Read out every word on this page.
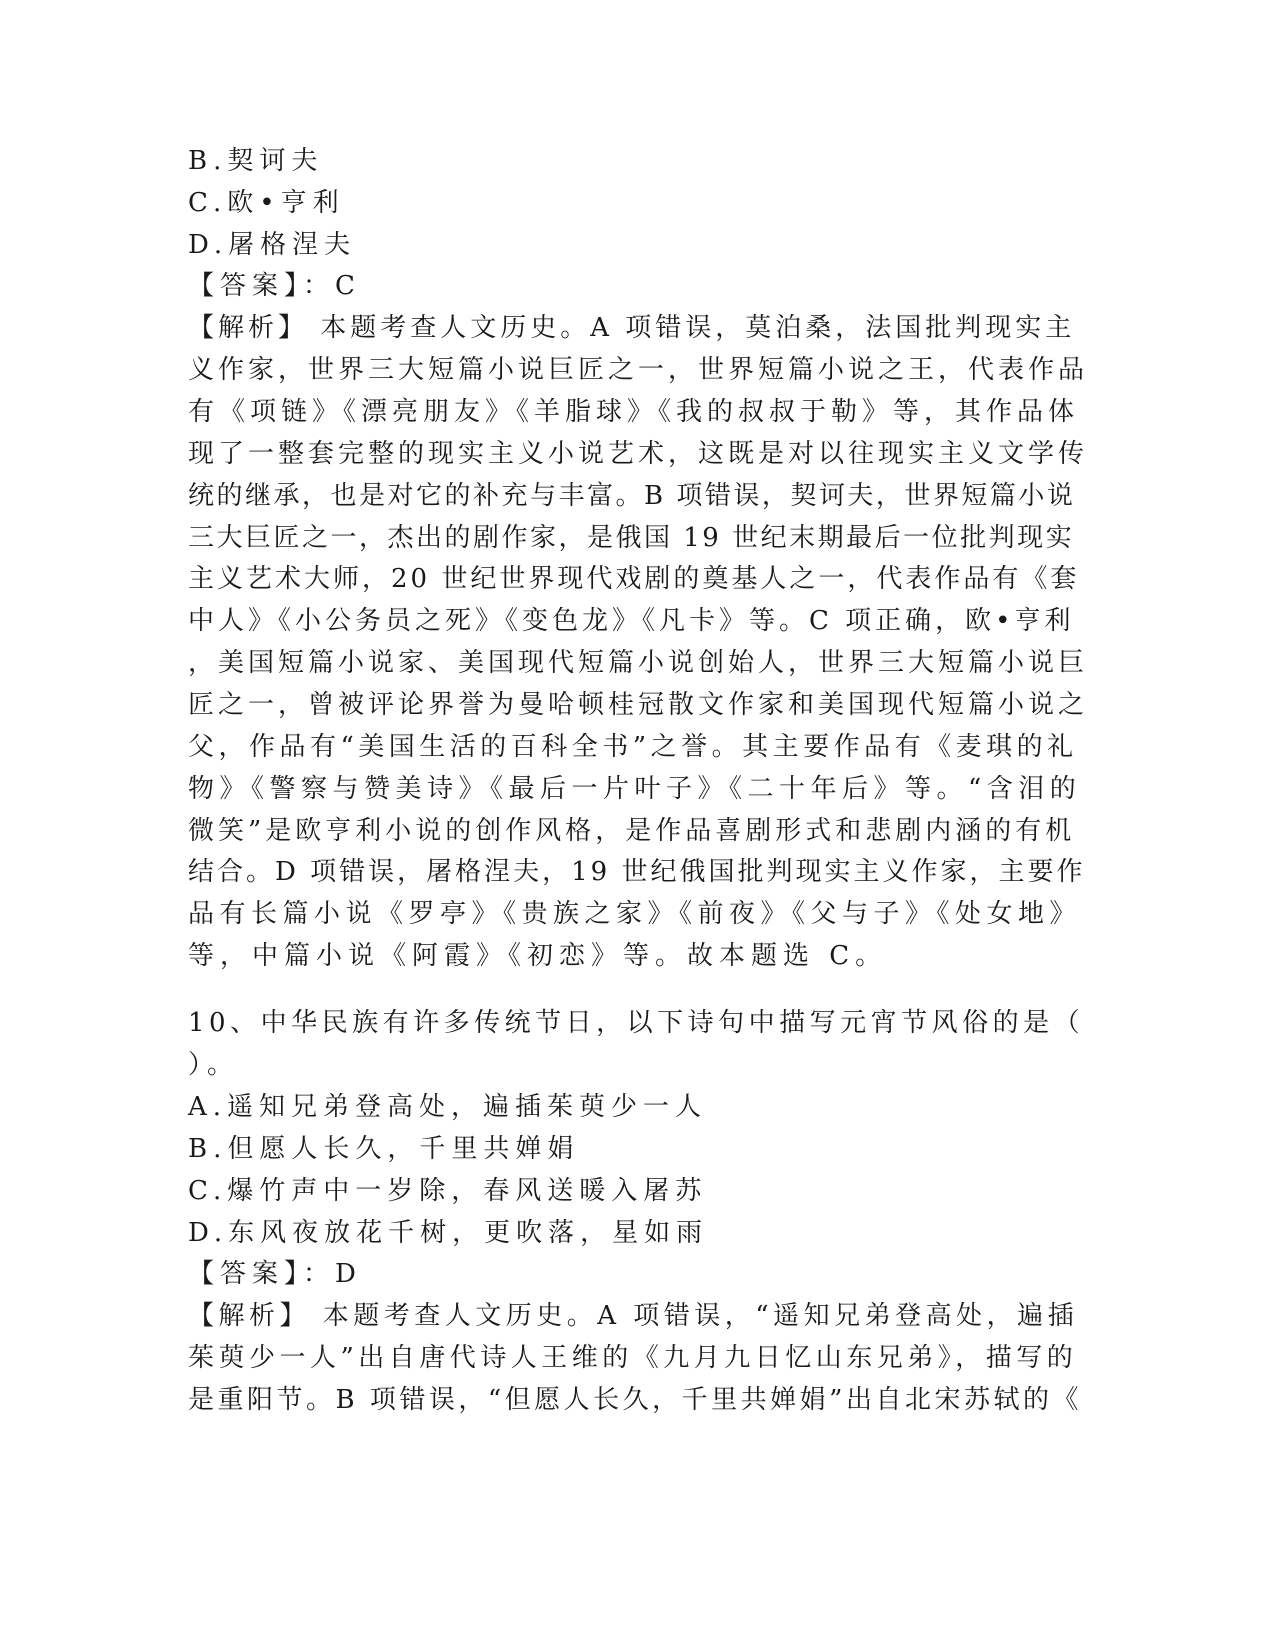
B.契诃夫
C.欧•亨利
D.屠格涅夫
【答案】：C
【解析】 本题考查人文历史。A 项错误，莫泊桑，法国批判现实主
义作家，世界三大短篇小说巨匠之一，世界短篇小说之王，代表作品
有《项链》《漂亮朋友》《羊脂球》《我的叔叔于勒》等，其作品体
现了一整套完整的现实主义小说艺术，这既是对以往现实主义文学传
统的继承，也是对它的补充与丰富。B 项错误，契诃夫，世界短篇小说
三大巨匠之一，杰出的剧作家，是俄国 19 世纪末期最后一位批判现实
主义艺术大师，20 世纪世界现代戏剧的奠基人之一，代表作品有《套
中人》《小公务员之死》《变色龙》《凡卡》等。C 项正确，欧•亨利
，美国短篇小说家、美国现代短篇小说创始人，世界三大短篇小说巨
匠之一，曾被评论界誉为曼哈顿桂冠散文作家和美国现代短篇小说之
父，作品有“美国生活的百科全书”之誉。其主要作品有《麦琪的礼
物》《警察与赞美诗》《最后一片叶子》《二十年后》等。“含泪的
微笑”是欧亨利小说的创作风格，是作品喜剧形式和悲剧内涵的有机
结合。D 项错误，屠格涅夫，19 世纪俄国批判现实主义作家，主要作
品有长篇小说《罗亭》《贵族之家》《前夜》《父与子》《处女地》
等，中篇小说《阿霞》《初恋》等。故本题选 C。
10、中华民族有许多传统节日，以下诗句中描写元宵节风俗的是（
）。
A.遥知兄弟登高处，遍插茱萸少一人
B.但愿人长久，千里共婵娟
C.爆竹声中一岁除，春风送暖入屠苏
D.东风夜放花千树，更吹落，星如雨
【答案】：D
【解析】 本题考查人文历史。A 项错误，“遥知兄弟登高处，遍插
茱萸少一人”出自唐代诗人王维的《九月九日忆山东兄弟》，描写的
是重阳节。B 项错误，“但愿人长久，千里共婵娟”出自北宋苏轼的《
